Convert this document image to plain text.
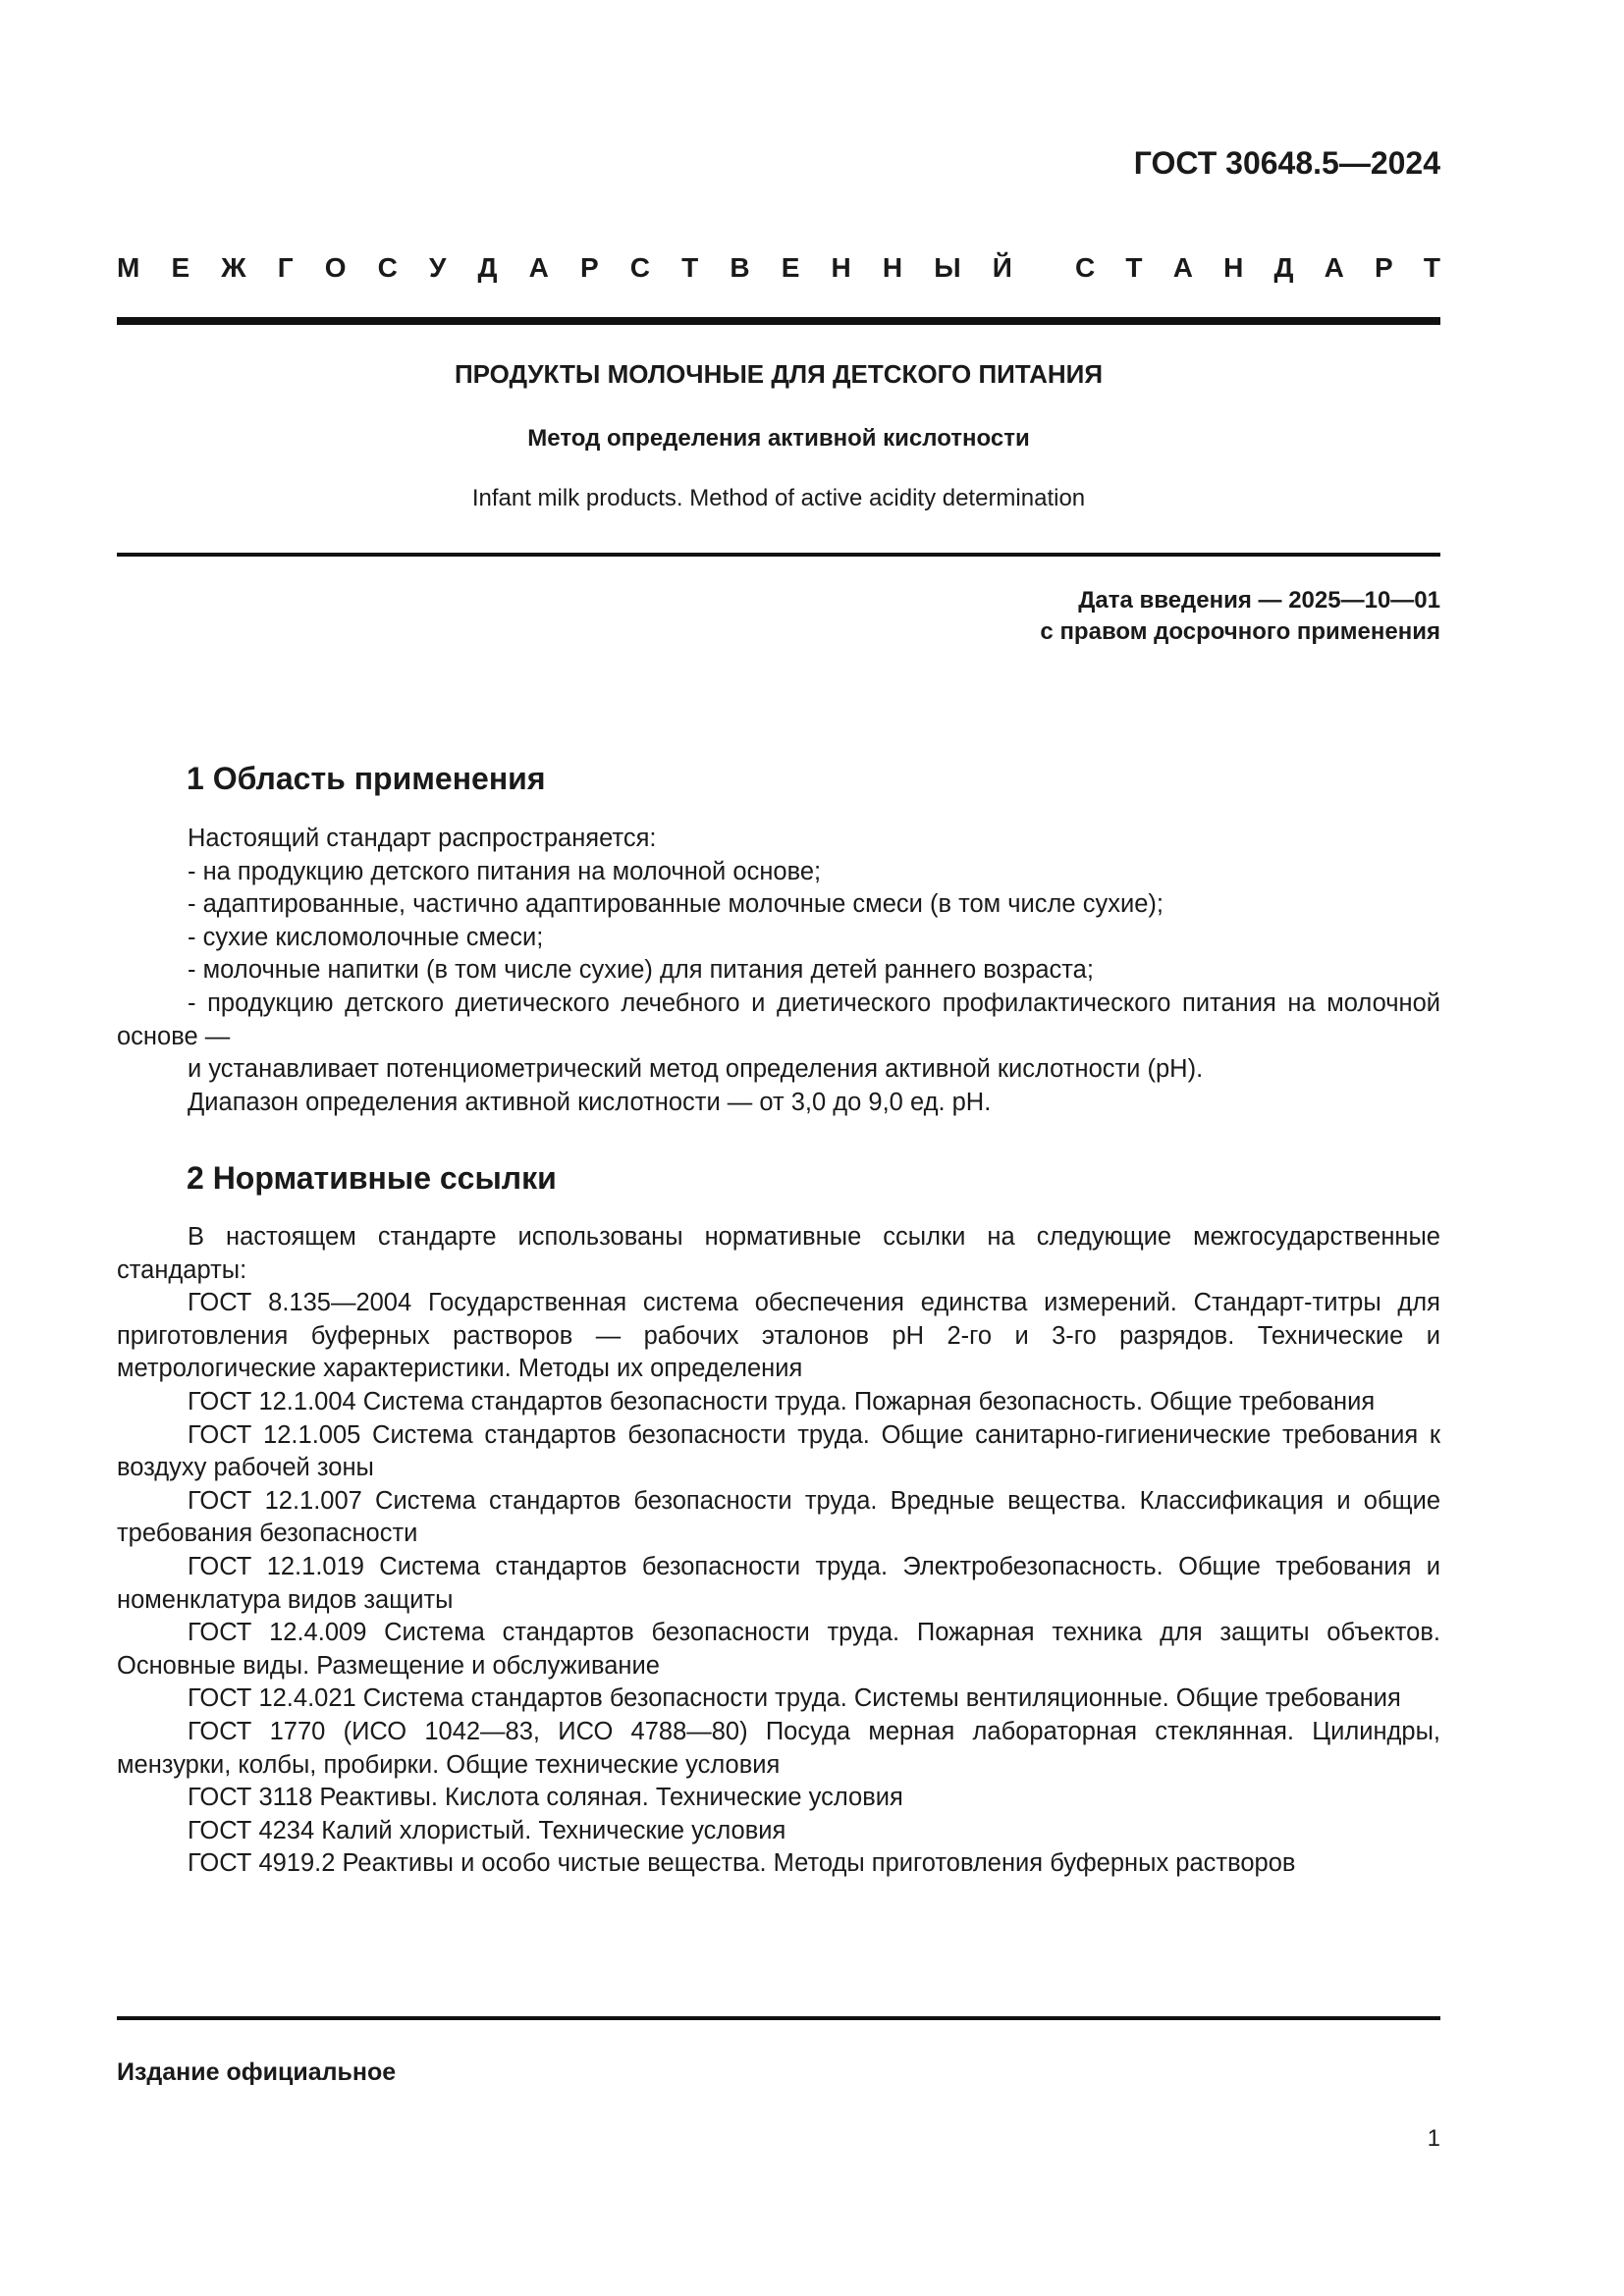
ГОСТ 30648.5—2024
М Е Ж Г О С У Д А Р С Т В Е Н Н Ы Й С Т А Н Д А Р Т
ПРОДУКТЫ МОЛОЧНЫЕ ДЛЯ ДЕТСКОГО ПИТАНИЯ
Метод определения активной кислотности
Infant milk products. Method of active acidity determination
Дата введения — 2025—10—01
с правом досрочного применения
1 Область применения

Настоящий стандарт распространяется:

- на продукцию детского питания на молочной основе;

- адаптированные, частично адаптированные молочные смеси (в том числе сухие);

- сухие кисломолочные смеси;

- молочные напитки (в том числе сухие) для питания детей раннего возраста;

- продукцию детского диетического лечебного и диетического профилактического питания на молочной основе —

и устанавливает потенциометрический метод определения активной кислотности (pH).

Диапазон определения активной кислотности — от 3,0 до 9,0 ед. pH.

2 Нормативные ссылки

В настоящем стандарте использованы нормативные ссылки на следующие межгосударственные стандарты:

ГОСТ 8.135—2004 Государственная система обеспечения единства измерений. Стандарт-титры для приготовления буферных растворов — рабочих эталонов pH 2-го и 3-го разрядов. Технические и метрологические характеристики. Методы их определения

ГОСТ 12.1.004 Система стандартов безопасности труда. Пожарная безопасность. Общие требования

ГОСТ 12.1.005 Система стандартов безопасности труда. Общие санитарно-гигиенические требования к воздуху рабочей зоны

ГОСТ 12.1.007 Система стандартов безопасности труда. Вредные вещества. Классификация и общие требования безопасности

ГОСТ 12.1.019 Система стандартов безопасности труда. Электробезопасность. Общие требования и номенклатура видов защиты

ГОСТ 12.4.009 Система стандартов безопасности труда. Пожарная техника для защиты объектов. Основные виды. Размещение и обслуживание

ГОСТ 12.4.021 Система стандартов безопасности труда. Системы вентиляционные. Общие требования

ГОСТ 1770 (ИСО 1042—83, ИСО 4788—80) Посуда мерная лабораторная стеклянная. Цилиндры, мензурки, колбы, пробирки. Общие технические условия

ГОСТ 3118 Реактивы. Кислота соляная. Технические условия

ГОСТ 4234 Калий хлористый. Технические условия

ГОСТ 4919.2 Реактивы и особо чистые вещества. Методы приготовления буферных растворов

Издание официальное
1
